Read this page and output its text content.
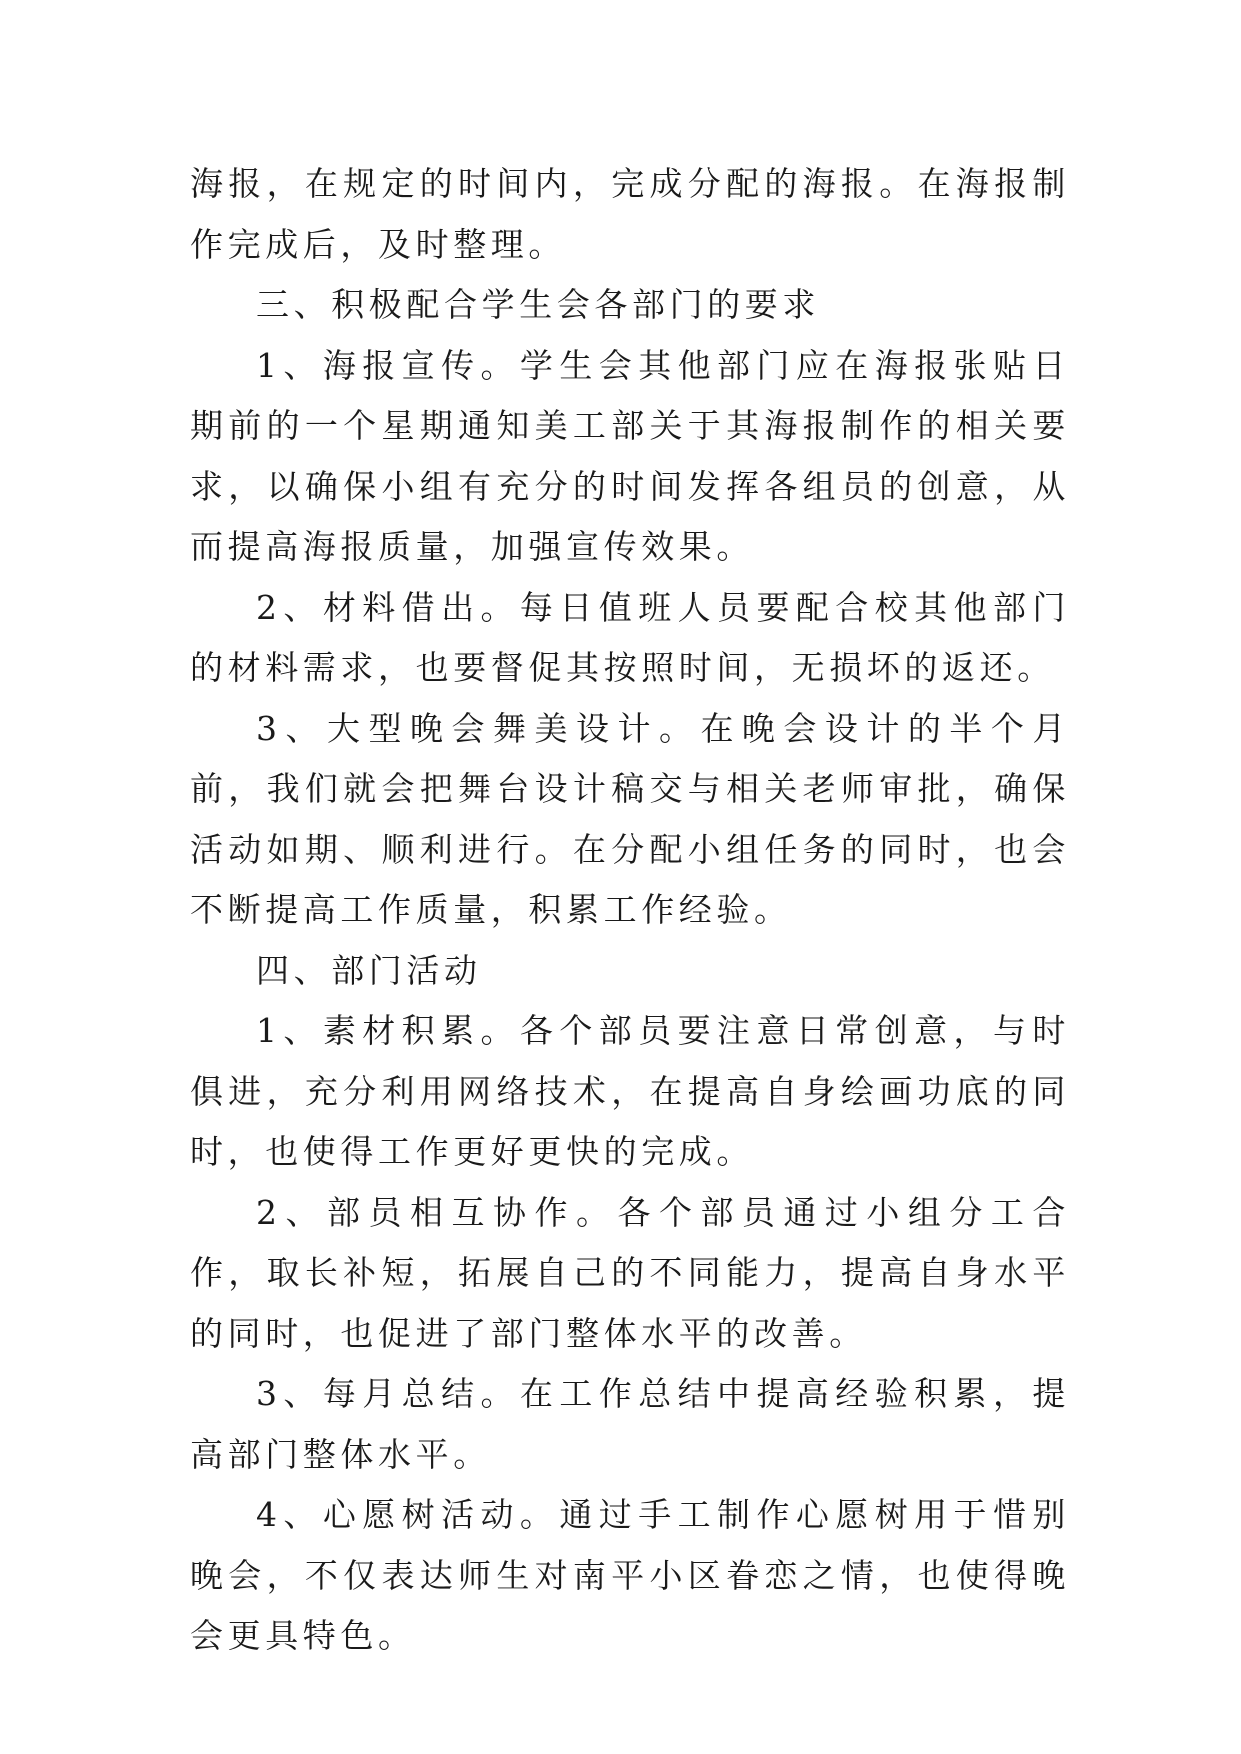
海报，在规定的时间内，完成分配的海报。在海报制作完成后，及时整理。

三、积极配合学生会各部门的要求

1、海报宣传。学生会其他部门应在海报张贴日期前的一个星期通知美工部关于其海报制作的相关要求，以确保小组有充分的时间发挥各组员的创意，从而提高海报质量，加强宣传效果。

2、材料借出。每日值班人员要配合校其他部门的材料需求，也要督促其按照时间，无损坏的返还。

3、大型晚会舞美设计。在晚会设计的半个月前，我们就会把舞台设计稿交与相关老师审批，确保活动如期、顺利进行。在分配小组任务的同时，也会不断提高工作质量，积累工作经验。

四、部门活动

1、素材积累。各个部员要注意日常创意，与时俱进，充分利用网络技术，在提高自身绘画功底的同时，也使得工作更好更快的完成。

2、部员相互协作。各个部员通过小组分工合作，取长补短，拓展自己的不同能力，提高自身水平的同时，也促进了部门整体水平的改善。

3、每月总结。在工作总结中提高经验积累，提高部门整体水平。

4、心愿树活动。通过手工制作心愿树用于惜别晚会，不仅表达师生对南平小区眷恋之情，也使得晚会更具特色。
